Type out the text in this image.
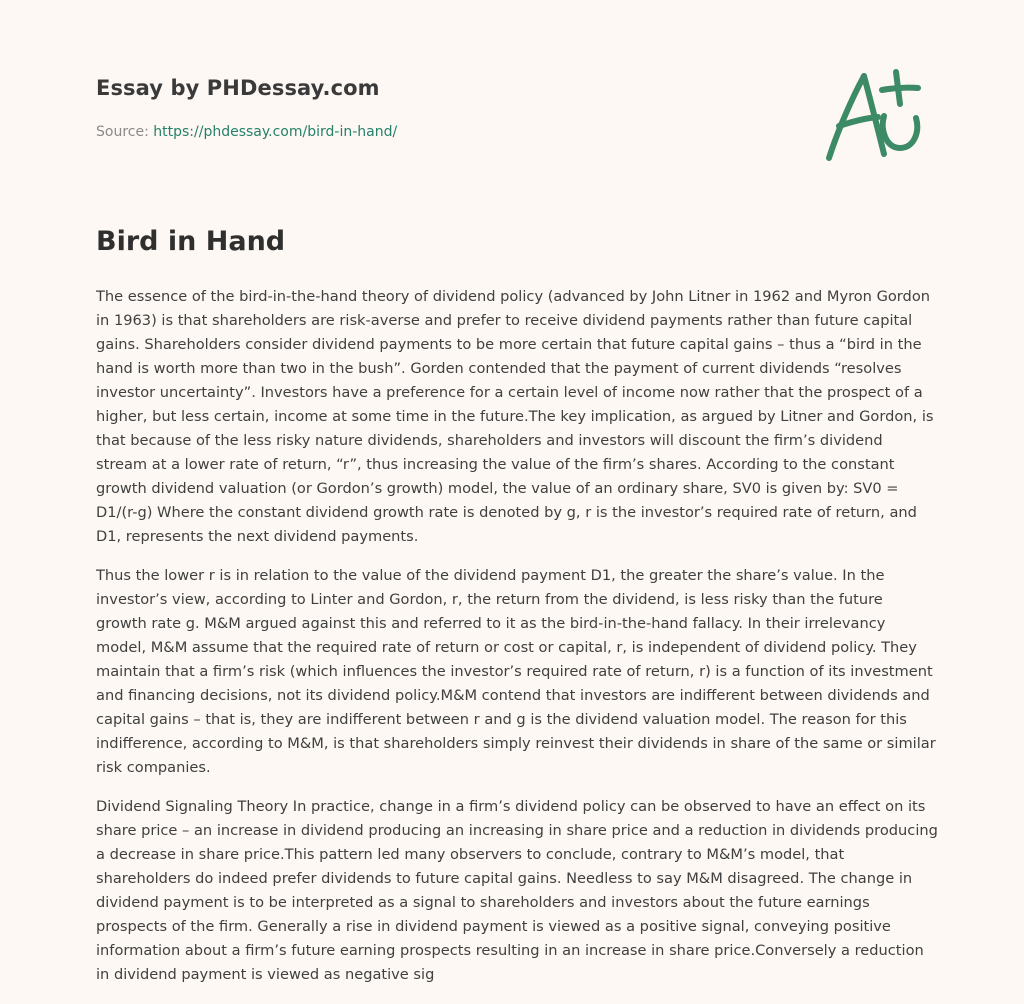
Essay by PHDessay.com
Source: https://phdessay.com/bird-in-hand/
Bird in Hand

The essence of the bird-in-the-hand theory of dividend policy (advanced by John Litner in 1962 and Myron Gordon in 1963) is that shareholders are risk-averse and prefer to receive dividend payments rather than future capital gains. Shareholders consider dividend payments to be more certain that future capital gains – thus a “bird in the hand is worth more than two in the bush”. Gorden contended that the payment of current dividends “resolves investor uncertainty”. Investors have a preference for a certain level of income now rather that the prospect of a higher, but less certain, income at some time in the future.The key implication, as argued by Litner and Gordon, is that because of the less risky nature dividends, shareholders and investors will discount the firm’s dividend stream at a lower rate of return, “r”, thus increasing the value of the firm’s shares. According to the constant growth dividend valuation (or Gordon’s growth) model, the value of an ordinary share, SV0 is given by: SV0 = D1/(r-g) Where the constant dividend growth rate is denoted by g, r is the investor’s required rate of return, and D1, represents the next dividend payments.

Thus the lower r is in relation to the value of the dividend payment D1, the greater the share’s value. In the investor’s view, according to Linter and Gordon, r, the return from the dividend, is less risky than the future growth rate g. M&M argued against this and referred to it as the bird-in-the-hand fallacy. In their irrelevancy model, M&M assume that the required rate of return or cost or capital, r, is independent of dividend policy. They maintain that a firm’s risk (which influences the investor’s required rate of return, r) is a function of its investment and financing decisions, not its dividend policy.M&M contend that investors are indifferent between dividends and capital gains – that is, they are indifferent between r and g is the dividend valuation model. The reason for this indifference, according to M&M, is that shareholders simply reinvest their dividends in share of the same or similar risk companies.

Dividend Signaling Theory In practice, change in a firm’s dividend policy can be observed to have an effect on its share price – an increase in dividend producing an increasing in share price and a reduction in dividends producing a decrease in share price.This pattern led many observers to conclude, contrary to M&M’s model, that shareholders do indeed prefer dividends to future capital gains. Needless to say M&M disagreed. The change in dividend payment is to be interpreted as a signal to shareholders and investors about the future earnings prospects of the firm. Generally a rise in dividend payment is viewed as a positive signal, conveying positive information about a firm’s future earning prospects resulting in an increase in share price.Conversely a reduction in dividend payment is viewed as negative sig
